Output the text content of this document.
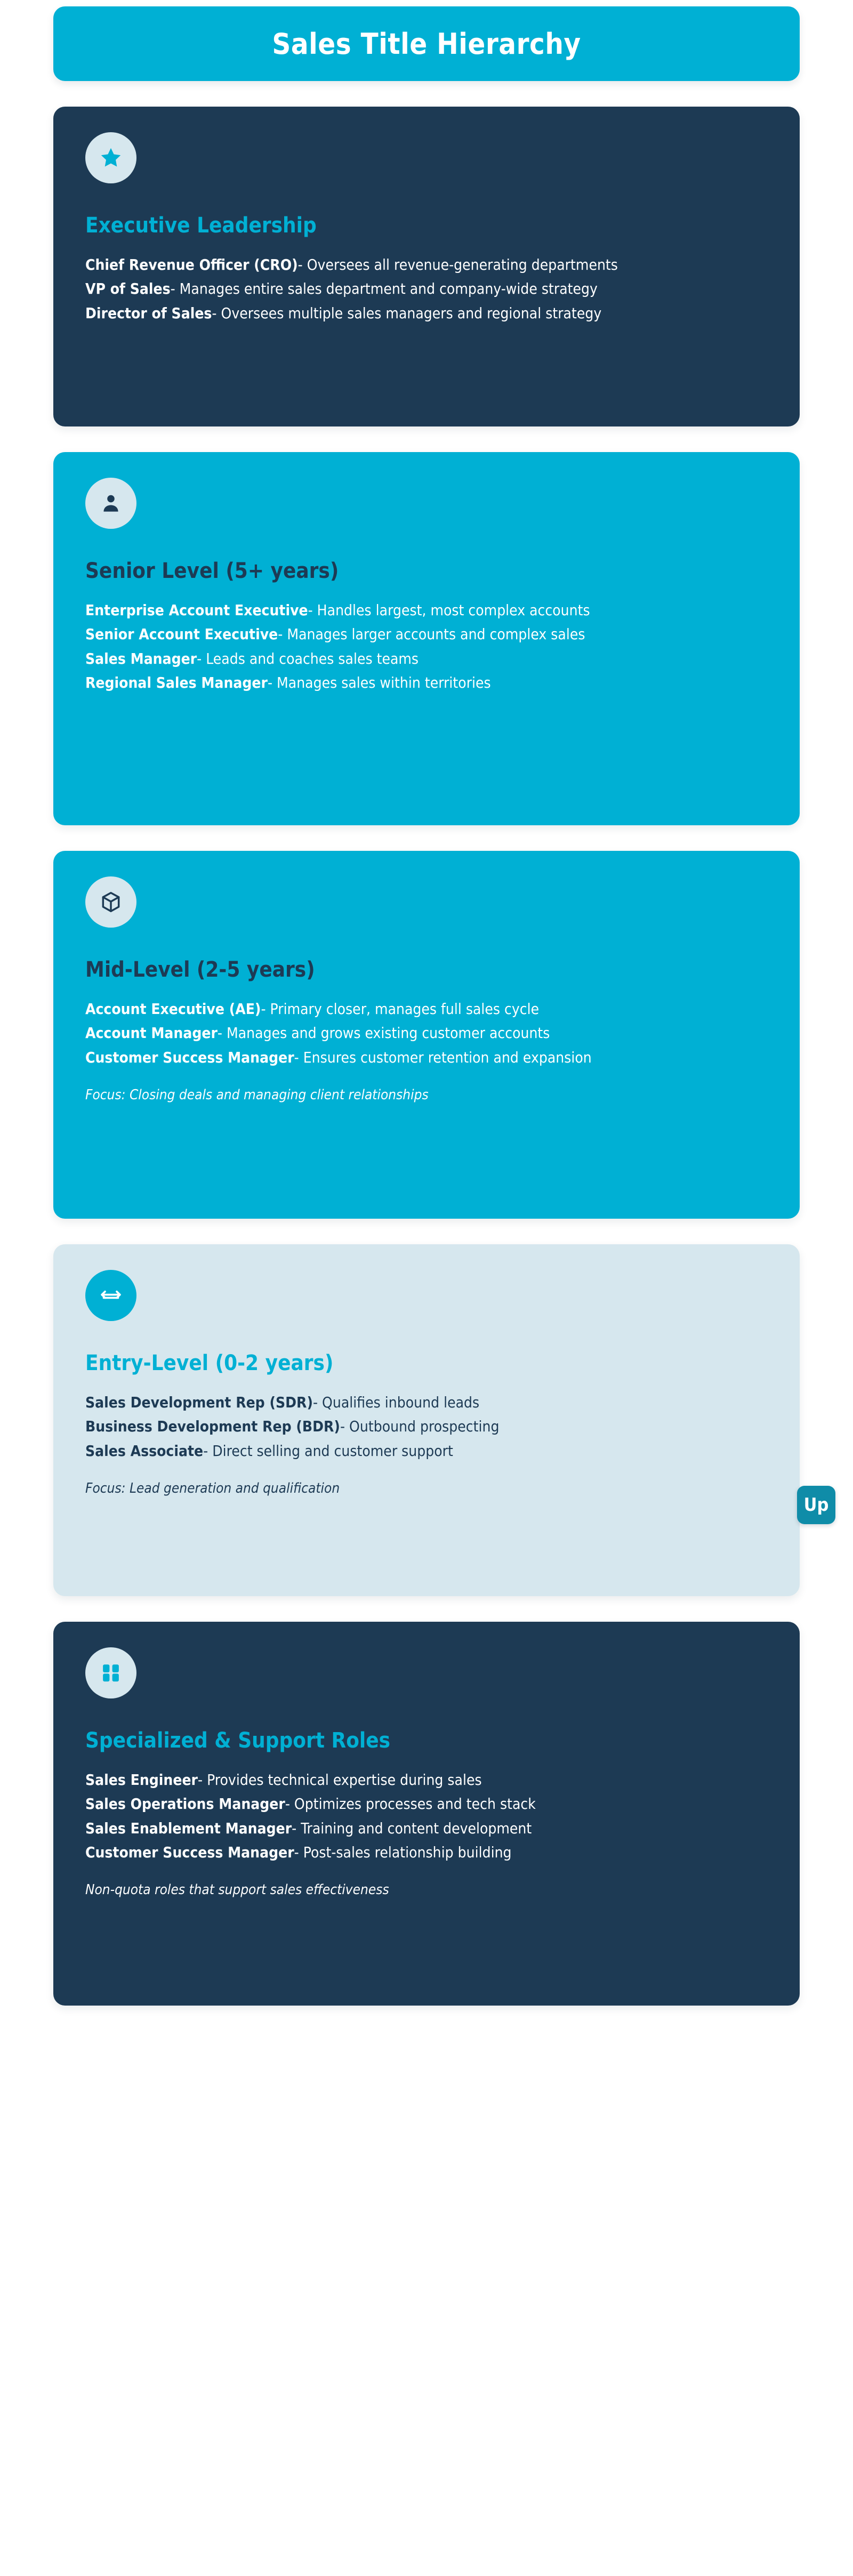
Sales Title Hierarchy
Executive Leadership

Chief Revenue Officer (CRO)- Oversees all revenue-generating departments

VP of Sales- Manages entire sales department and company-wide strategy

Director of Sales- Oversees multiple sales managers and regional strategy

Senior Level (5+ years)

Enterprise Account Executive- Handles largest, most complex accounts

Senior Account Executive- Manages larger accounts and complex sales

Sales Manager- Leads and coaches sales teams

Regional Sales Manager- Manages sales within territories

Mid-Level (2-5 years)

Account Executive (AE)- Primary closer, manages full sales cycle

Account Manager- Manages and grows existing customer accounts

Customer Success Manager- Ensures customer retention and expansion

Focus: Closing deals and managing client relationships

Entry-Level (0-2 years)

Sales Development Rep (SDR)- Qualifies inbound leads

Business Development Rep (BDR)- Outbound prospecting

Sales Associate- Direct selling and customer support

Focus: Lead generation and qualification

Specialized & Support Roles

Sales Engineer- Provides technical expertise during sales

Sales Operations Manager- Optimizes processes and tech stack

Sales Enablement Manager- Training and content development

Customer Success Manager- Post-sales relationship building

Non-quota roles that support sales effectiveness

Up
